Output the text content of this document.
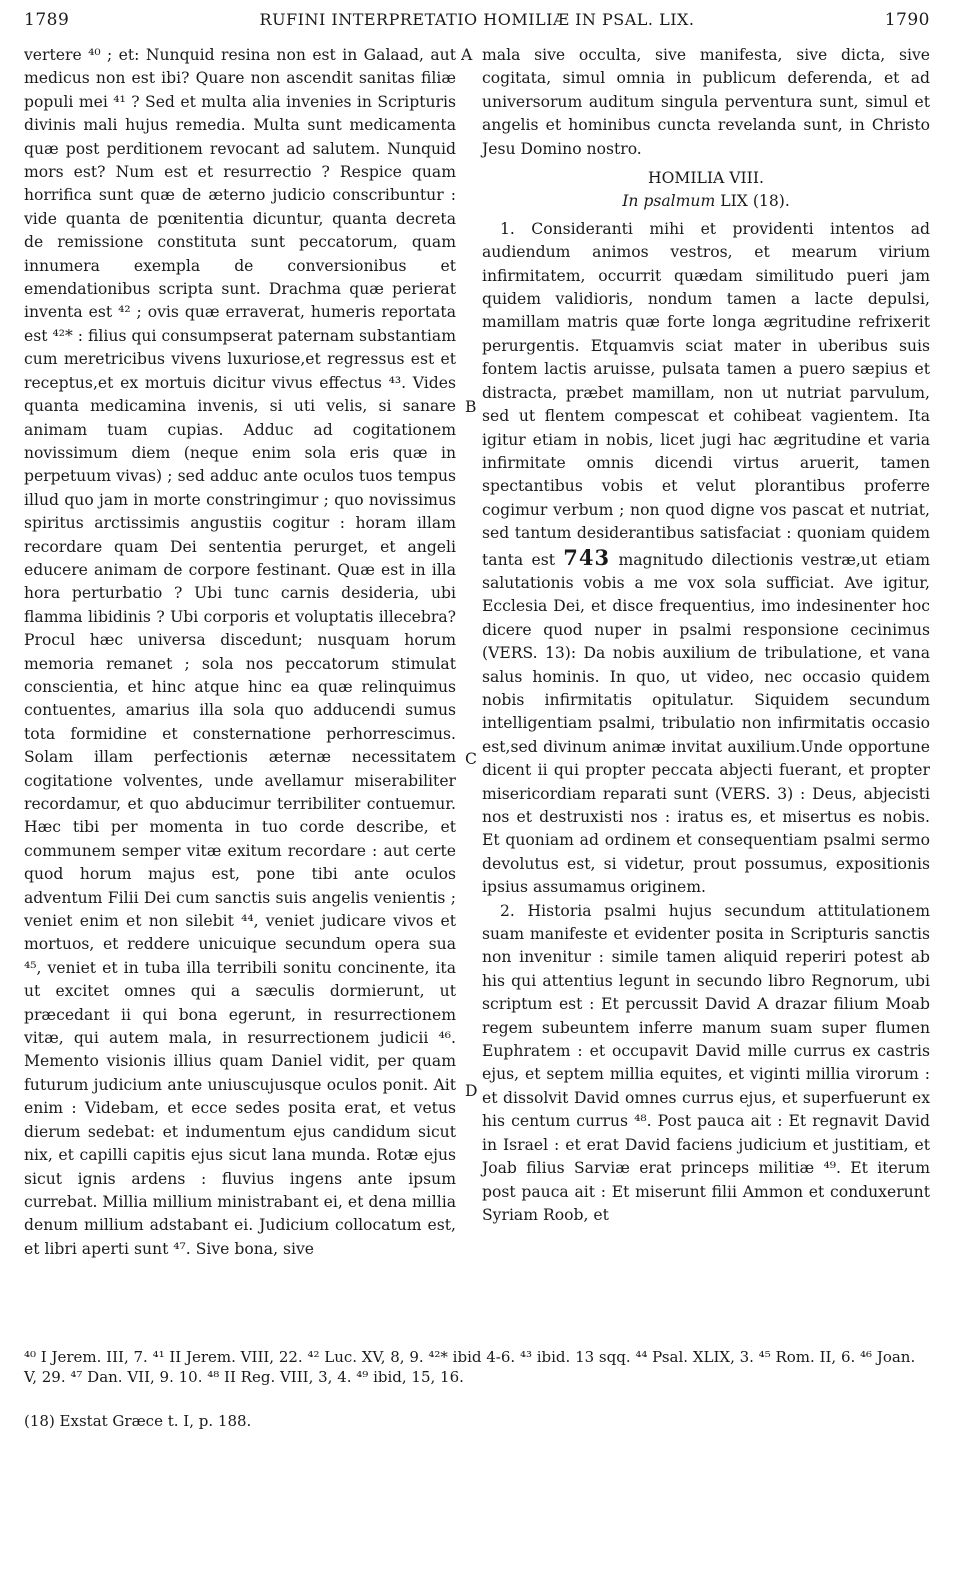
1789	RUFINI INTERPRETATIO HOMILIÆ IN PSAL. LIX.	1790
A
B
C
D

vertere ⁴⁰ ; et: Nunquid resina non est in Galaad, aut medicus non est ibi? Quare non ascendit sanitas filiæ populi mei ⁴¹ ? Sed et multa alia invenies in Scripturis divinis mali hujus remedia. Multa sunt medicamenta quæ post perditionem revocant ad salutem. Nunquid mors est? Num est et resurrectio ? Respice quam horrifica sunt quæ de æterno judicio conscribuntur : vide quanta de pœnitentia dicuntur, quanta decreta de remissione constituta sunt peccatorum, quam innumera exempla de conversionibus et emendationibus scripta sunt. Drachma quæ perierat inventa est ⁴² ; ovis quæ erraverat, humeris reportata est ⁴²* : filius qui consumpserat paternam substantiam cum meretricibus vivens luxuriose,et regressus est et receptus,et ex mortuis dicitur vivus effectus ⁴³. Vides quanta medicamina invenis, si uti velis, si sanare animam tuam cupias. Adduc ad cogitationem novissimum diem (neque enim sola eris quæ in perpetuum vivas) ; sed adduc ante oculos tuos tempus illud quo jam in morte constringimur ; quo novissimus spiritus arctissimis angustiis cogitur : horam illam recordare quam Dei sententia perurget, et angeli educere animam de corpore festinant. Quæ est in illa hora perturbatio ? Ubi tunc carnis desideria, ubi flamma libidinis ? Ubi corporis et voluptatis illecebra? Procul hæc universa discedunt; nusquam horum memoria remanet ; sola nos peccatorum stimulat conscientia, et hinc atque hinc ea quæ relinquimus contuentes, amarius illa sola quo adducendi sumus tota formidine et consternatione perhorrescimus. Solam illam perfectionis æternæ necessitatem cogitatione volventes, unde avellamur miserabiliter recordamur, et quo abducimur terribiliter contuemur. Hæc tibi per momenta in tuo corde describe, et communem semper vitæ exitum recordare : aut certe quod horum majus est, pone tibi ante oculos adventum Filii Dei cum sanctis suis angelis venientis ; veniet enim et non silebit ⁴⁴, veniet judicare vivos et mortuos, et reddere unicuique secundum opera sua ⁴⁵, veniet et in tuba illa terribili sonitu concinente, ita ut excitet omnes qui a sæculis dormierunt, ut præcedant ii qui bona egerunt, in resurrectionem vitæ, qui autem mala, in resurrectionem judicii ⁴⁶. Memento visionis illius quam Daniel vidit, per quam futurum judicium ante uniuscujusque oculos ponit. Ait enim : Videbam, et ecce sedes posita erat, et vetus dierum sedebat: et indumentum ejus candidum sicut nix, et capilli capitis ejus sicut lana munda. Rotæ ejus sicut ignis ardens : fluvius ingens ante ipsum currebat. Millia millium ministrabant ei, et dena millia denum millium adstabant ei. Judicium collocatum est, et libri aperti sunt ⁴⁷. Sive bona, sive

mala sive occulta, sive manifesta, sive dicta, sive cogitata, simul omnia in publicum deferenda, et ad universorum auditum singula perventura sunt, simul et angelis et hominibus cuncta revelanda sunt, in Christo Jesu Domino nostro.

HOMILIA VIII.

In psalmum LIX (18).

1. Consideranti mihi et providenti intentos ad audiendum animos vestros, et mearum virium infirmitatem, occurrit quædam similitudo pueri jam quidem validioris, nondum tamen a lacte depulsi, mamillam matris quæ forte longa ægritudine refrixerit perurgentis. Etquamvis sciat mater in uberibus suis fontem lactis aruisse, pulsata tamen a puero sæpius et distracta, præbet mamillam, non ut nutriat parvulum, sed ut flentem compescat et cohibeat vagientem. Ita igitur etiam in nobis, licet jugi hac ægritudine et varia infirmitate omnis dicendi virtus aruerit, tamen spectantibus vobis et velut plorantibus proferre cogimur verbum ; non quod digne vos pascat et nutriat, sed tantum desiderantibus satisfaciat : quoniam quidem tanta est 743 magnitudo dilectionis vestræ,ut etiam salutationis vobis a me vox sola sufficiat. Ave igitur, Ecclesia Dei, et disce frequentius, imo indesinenter hoc dicere quod nuper in psalmi responsione cecinimus (VERS. 13): Da nobis auxilium de tribulatione, et vana salus hominis. In quo, ut video, nec occasio quidem nobis infirmitatis opitulatur. Siquidem secundum intelligentiam psalmi, tribulatio non infirmitatis occasio est,sed divinum animæ invitat auxilium.Unde opportune dicent ii qui propter peccata abjecti fuerant, et propter misericordiam reparati sunt (VERS. 3) : Deus, abjecisti nos et destruxisti nos : iratus es, et misertus es nobis. Et quoniam ad ordinem et consequentiam psalmi sermo devolutus est, si videtur, prout possumus, expositionis ipsius assumamus originem.

2. Historia psalmi hujus secundum attitulationem suam manifeste et evidenter posita in Scripturis sanctis non invenitur : simile tamen aliquid reperiri potest ab his qui attentius legunt in secundo libro Regnorum, ubi scriptum est : Et percussit David A drazar filium Moab regem subeuntem inferre manum suam super flumen Euphratem : et occupavit David mille currus ex castris ejus, et septem millia equites, et viginti millia virorum : et dissolvit David omnes currus ejus, et superfuerunt ex his centum currus ⁴⁸. Post pauca ait : Et regnavit David in Israel : et erat David faciens judicium et justitiam, et Joab filius Sarviæ erat princeps militiæ ⁴⁹. Et iterum post pauca ait : Et miserunt filii Ammon et conduxerunt Syriam Roob, et

⁴⁰ I Jerem. III, 7. ⁴¹ II Jerem. VIII, 22. ⁴² Luc. XV, 8, 9. ⁴²* ibid 4-6. ⁴³ ibid. 13 sqq. ⁴⁴ Psal. XLIX, 3. ⁴⁵ Rom. II, 6. ⁴⁶ Joan. V, 29. ⁴⁷ Dan. VII, 9. 10. ⁴⁸ II Reg. VIII, 3, 4. ⁴⁹ ibid, 15, 16.
(18) Exstat Græce t. I, p. 188.
